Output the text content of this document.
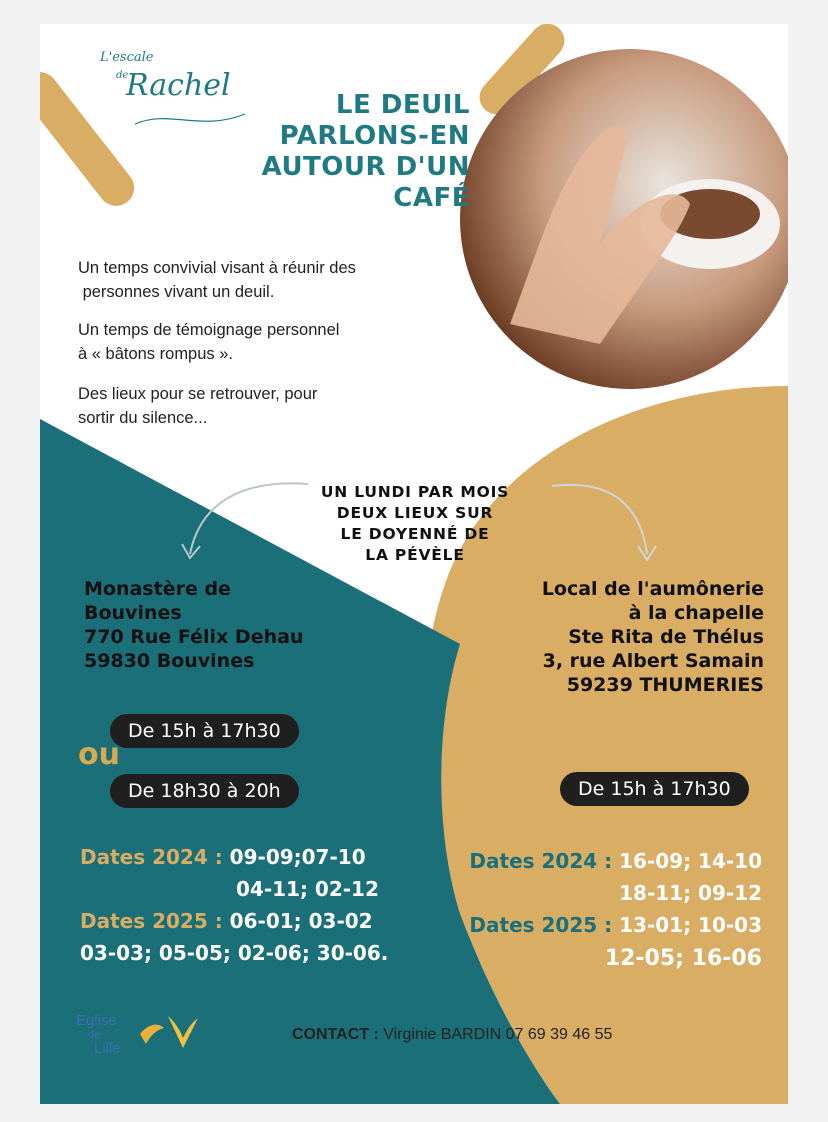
L'escale
de
Rachel
LE DEUIL
PARLONS-EN
AUTOUR D'UN
CAFÉ
Un temps convivial visant à réunir des
personnes vivant un deuil.
Un temps de témoignage personnel
à « bâtons rompus ».
Des lieux pour se retrouver, pour
sortir du silence...
UN LUNDI PAR MOIS
DEUX LIEUX SUR
LE DOYENNÉ DE
LA PÉVÈLE
Monastère de
Bouvines
770 Rue Félix Dehau
59830 Bouvines
De 15h à 17h30
ou
De 18h30 à 20h
Dates 2024 : 09-09;07-10
04-11; 02-12
Dates 2025 : 06-01; 03-02
03-03; 05-05; 02-06; 30-06.
Local de l'aumônerie
à la chapelle
Ste Rita de Thélus
3, rue Albert Samain
59239 THUMERIES
De 15h à 17h30
Dates 2024 : 16-09; 14-10
18-11; 09-12
Dates 2025 : 13-01; 10-03
12-05; 16-06
Eglise
de
Lille
CONTACT : Virginie BARDIN 07 69 39 46 55
